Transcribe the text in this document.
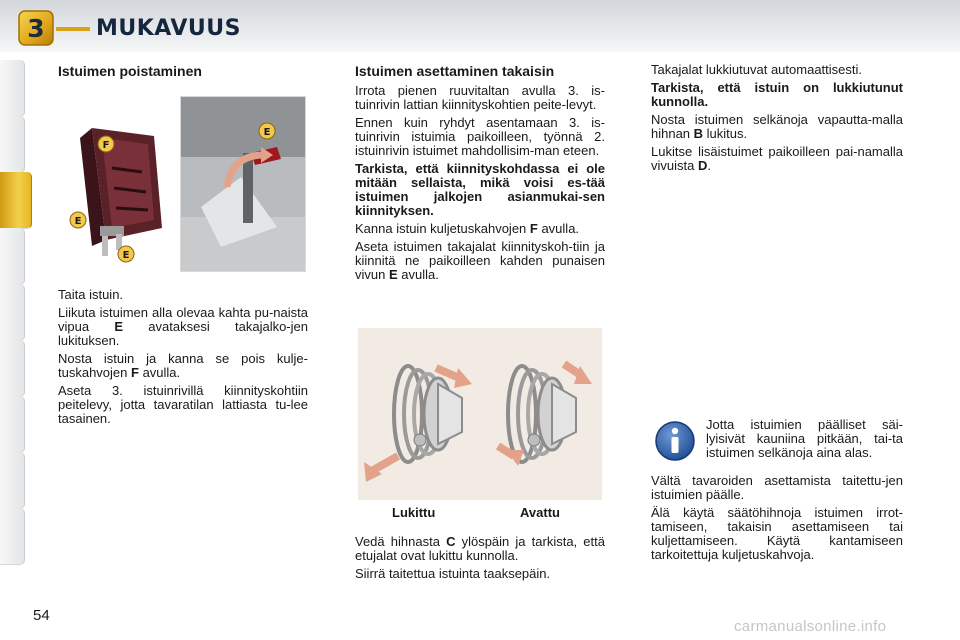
3 MUKAVUUS
Istuimen poistaminen
F
E
E
E

Taita istuin.

Liikuta istuimen alla olevaa kahta pu-naista vipua E avataksesi takajalko-jen lukituksen.

Nosta istuin ja kanna se pois kulje-tuskahvojen F avulla.

Aseta 3. istuinrivillä kiinnityskohtiin peitelevy, jotta tavaratilan lattiasta tu-lee tasainen.

Istuimen asettaminen takaisin

Irrota pienen ruuvitaltan avulla 3. is-tuinrivin lattian kiinnityskohtien peite-levyt.

Ennen kuin ryhdyt asentamaan 3. is-tuinrivin istuimia paikoilleen, työnnä 2. istuinrivin istuimet mahdollisim-man eteen.

Tarkista, että kiinnityskohdassa ei ole mitään sellaista, mikä voisi es-tää istuimen jalkojen asianmukai-sen kiinnityksen.

Kanna istuin kuljetuskahvojen F avulla.

Aseta istuimen takajalat kiinnityskoh-tiin ja kiinnitä ne paikoilleen kahden punaisen vivun E avulla.

Lukittu	Avattu

Vedä hihnasta C ylöspäin ja tarkista, että etujalat ovat lukittu kunnolla.

Siirrä taitettua istuinta taaksepäin.

Takajalat lukkiutuvat automaattisesti.

Tarkista, että istuin on lukkiutunut kunnolla.

Nosta istuimen selkänoja vapautta-malla hihnan B lukitus.

Lukitse lisäistuimet paikoilleen pai-namalla vivuista D.

Jotta istuimien päälliset säi-lyisivät kauniina pitkään, tai-ta istuimen selkänoja aina alas.

Vältä tavaroiden asettamista taitettu-jen istuimien päälle.

Älä käytä säätöhihnoja istuimen irrot-tamiseen, takaisin asettamiseen tai kuljettamiseen. Käytä kantamiseen tarkoitettuja kuljetuskahvoja.

54
carmanualsonline.info
